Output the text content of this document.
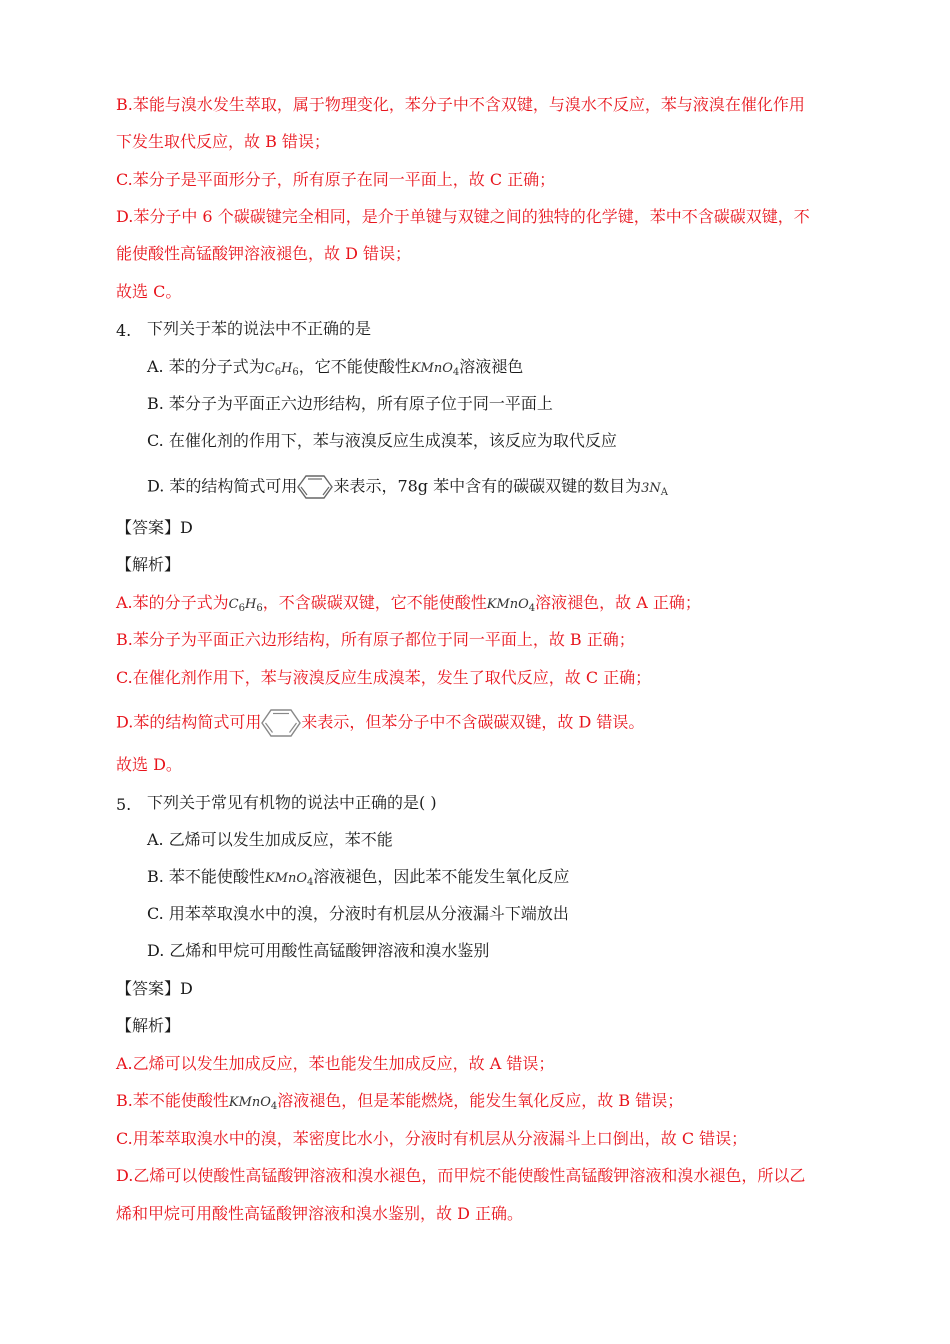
B.苯能与溴水发生萃取，属于物理变化，苯分子中不含双键，与溴水不反应，苯与液溴在催化作用
下发生取代反应，故 B 错误；
C.苯分子是平面形分子，所有原子在同一平面上，故 C 正确；
D.苯分子中 6 个碳碳键完全相同，是介于单键与双键之间的独特的化学键，苯中不含碳碳双键，不
能使酸性高锰酸钾溶液褪色，故 D 错误；
故选 C。
4. 下列关于苯的说法中不正确的是
A. 苯的分子式为$C_6H_6$，它不能使酸性KMnO$_4$溶液褪色
B. 苯分子为平面正六边形结构，所有原子位于同一平面上
C. 在催化剂的作用下，苯与液溴反应生成溴苯，该反应为取代反应
D. 苯的结构简式可用 来表示，78g 苯中含有的碳碳双键的数目为$3N_A$
【答案】D
【解析】
A.苯的分子式为$C_6H_6$，不含碳碳双键，它不能使酸性KMnO$_4$溶液褪色，故 A 正确；
B.苯分子为平面正六边形结构，所有原子都位于同一平面上，故 B 正确；
C.在催化剂作用下，苯与液溴反应生成溴苯，发生了取代反应，故 C 正确；
D.苯的结构简式可用	来表示，但苯分子中不含碳碳双键，故 D 错误。
故选 D。
5. 下列关于常见有机物的说法中正确的是( )
A. 乙烯可以发生加成反应，苯不能
B. 苯不能使酸性KMnO$_4$溶液褪色，因此苯不能发生氧化反应
C. 用苯萃取溴水中的溴，分液时有机层从分液漏斗下端放出
D. 乙烯和甲烷可用酸性高锰酸钾溶液和溴水鉴别
【答案】D
【解析】
A.乙烯可以发生加成反应，苯也能发生加成反应，故 A 错误；
B.苯不能使酸性KMnO$_4$溶液褪色，但是苯能燃烧，能发生氧化反应，故 B 错误；
C.用苯萃取溴水中的溴，苯密度比水小，分液时有机层从分液漏斗上口倒出，故 C 错误；
D.乙烯可以使酸性高锰酸钾溶液和溴水褪色，而甲烷不能使酸性高锰酸钾溶液和溴水褪色，所以乙
烯和甲烷可用酸性高锰酸钾溶液和溴水鉴别，故 D 正确。
